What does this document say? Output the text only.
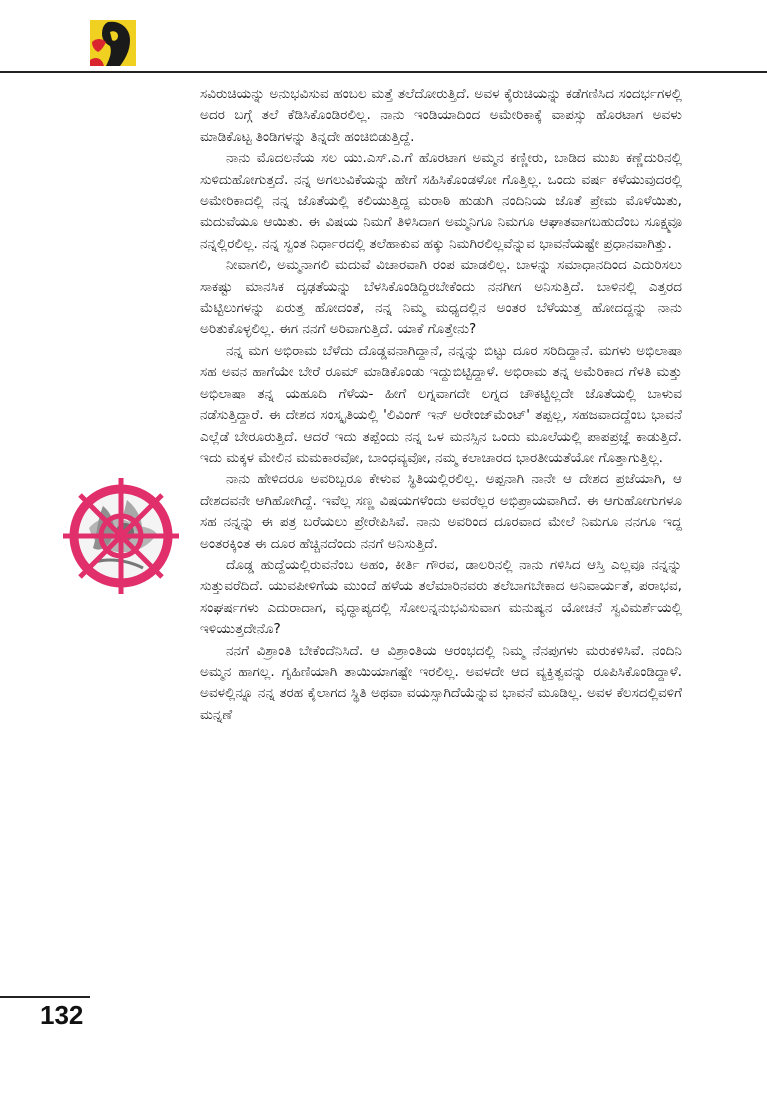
ಸವಿರುಚಿಯನ್ನು ಅನುಭವಿಸುವ ಹಂಬಲ ಮತ್ತೆ ತಲೆದೋರುತ್ತಿದೆ. ಅವಳ ಕೈರುಚಿಯನ್ನು ಕಡೆಗಣಿಸಿದ ಸಂದರ್ಭಗಳಲ್ಲಿ ಅದರ ಬಗ್ಗೆ ತಲೆ ಕೆಡಿಸಿಕೊಂಡಿರಲಿಲ್ಲ. ನಾನು ಇಂಡಿಯಾದಿಂದ ಅಮೇರಿಕಾಕ್ಕೆ ವಾಪಸ್ಸು ಹೊರಟಾಗ ಅವಳು ಮಾಡಿಕೊಟ್ಟ ತಿಂಡಿಗಳನ್ನು ತಿನ್ನದೇ ಹಂಚಿಬಿಡುತ್ತಿದ್ದೆ.

ನಾನು ಮೊದಲನೆಯ ಸಲ ಯು.ಎಸ್.ಎ.ಗೆ ಹೊರಟಾಗ ಅಮ್ಮನ ಕಣ್ಣೀರು, ಬಾಡಿದ ಮುಖ ಕಣ್ಣೆದುರಿನಲ್ಲಿ ಸುಳಿದುಹೋಗುತ್ತದೆ. ನನ್ನ ಅಗಲುವಿಕೆಯನ್ನು ಹೇಗೆ ಸಹಿಸಿಕೊಂಡಳೋ ಗೊತ್ತಿಲ್ಲ. ಒಂದು ವರ್ಷ ಕಳೆಯುವುದರಲ್ಲಿ ಅಮೇರಿಕಾದಲ್ಲಿ ನನ್ನ ಜೊತೆಯಲ್ಲಿ ಕಲಿಯುತ್ತಿದ್ದ ಮರಾಠಿ ಹುಡುಗಿ ನಂದಿನಿಯ ಜೊತೆ ಪ್ರೇಮ ಮೊಳೆಯಿತು, ಮದುವೆಯೂ ಆಯಿತು. ಈ ವಿಷಯ ನಿಮಗೆ ತಿಳಿಸಿದಾಗ ಅಮ್ಮನಿಗೂ ನಿಮಗೂ ಆಘಾತವಾಗಬಹುದೆಂಬ ಸೂಕ್ಷ್ಮವೂ ನನ್ನಲ್ಲಿರಲಿಲ್ಲ. ನನ್ನ ಸ್ವಂತ ನಿರ್ಧಾರದಲ್ಲಿ ತಲೆಹಾಕುವ ಹಕ್ಕು ನಿಮಗಿರಲಿಲ್ಲವೆನ್ನುವ ಭಾವನೆಯಷ್ಟೇ ಪ್ರಧಾನವಾಗಿತ್ತು.

ನೀವಾಗಲಿ, ಅಮ್ಮನಾಗಲಿ ಮದುವೆ ವಿಚಾರವಾಗಿ ರಂಪ ಮಾಡಲಿಲ್ಲ. ಬಾಳನ್ನು ಸಮಾಧಾನದಿಂದ ಎದುರಿಸಲು ಸಾಕಷ್ಟು ಮಾನಸಿಕ ದೃಢತೆಯನ್ನು ಬೆಳಸಿಕೊಂಡಿದ್ದಿರಬೇಕೆಂದು ನನಗೀಗ ಅನಿಸುತ್ತಿದೆ. ಬಾಳಿನಲ್ಲಿ ಎತ್ತರದ ಮೆಟ್ಟಿಲುಗಳನ್ನು ಏರುತ್ತ ಹೋದಂತೆ, ನನ್ನ ನಿಮ್ಮ ಮಧ್ಯದಲ್ಲಿನ ಅಂತರ ಬೆಳೆಯುತ್ತ ಹೋದದ್ದನ್ನು ನಾನು ಅರಿತುಕೊಳ್ಳಲಿಲ್ಲ. ಈಗ ನನಗೆ ಅರಿವಾಗುತ್ತಿದೆ. ಯಾಕೆ ಗೊತ್ತೇನು?

ನನ್ನ ಮಗ ಅಭಿರಾಮ ಬೆಳೆದು ದೊಡ್ಡವನಾಗಿದ್ದಾನೆ, ನನ್ನನ್ನು ಬಿಟ್ಟು ದೂರ ಸರಿದಿದ್ದಾನೆ. ಮಗಳು ಅಭಿಲಾಷಾ ಸಹ ಅವನ ಹಾಗೆಯೇ ಬೇರೆ ರೂಮ್ ಮಾಡಿಕೊಂಡು ಇದ್ದುಬಿಟ್ಟಿದ್ದಾಳೆ. ಅಭಿರಾಮ ತನ್ನ ಅಮೆರಿಕಾದ ಗೆಳತಿ ಮತ್ತು ಅಭಿಲಾಷಾ ತನ್ನ ಯಹೂದಿ ಗೆಳೆಯ- ಹೀಗೆ ಲಗ್ನವಾಗದೇ ಲಗ್ನದ ಚೌಕಟ್ಟಿಲ್ಲದೇ ಜೊತೆಯಲ್ಲಿ ಬಾಳುವ ನಡೆಸುತ್ತಿದ್ದಾರೆ. ಈ ದೇಶದ ಸಂಸ್ಕೃತಿಯಲ್ಲಿ 'ಲಿವಿಂಗ್ ಇನ್ ಅರೇಂಜ್‌ಮೆಂಟ್' ತಪ್ಪಲ್ಲ, ಸಹಜವಾದದ್ದೆಂಬ ಭಾವನೆ ಎಲ್ಲೆಡೆ ಬೇರೂರುತ್ತಿದೆ. ಆದರೆ ಇದು ತಪ್ಪೆಂದು ನನ್ನ ಒಳ ಮನಸ್ಸಿನ ಒಂದು ಮೂಲೆಯಲ್ಲಿ ಪಾಪಪ್ರಜ್ಞೆ ಕಾಡುತ್ತಿದೆ. ಇದು ಮಕ್ಕಳ ಮೇಲಿನ ಮಮಕಾರವೋ, ಬಾಂಧವ್ಯವೋ, ನಮ್ಮ ಕಲಾಚಾರದ ಭಾರತೀಯತೆಯೋ ಗೊತ್ತಾಗುತ್ತಿಲ್ಲ.

ನಾನು ಹೇಳಿದರೂ ಅವರಿಬ್ಬರೂ ಕೇಳುವ ಸ್ಥಿತಿಯಲ್ಲಿರಲಿಲ್ಲ. ಅಪ್ಪನಾಗಿ ನಾನೇ ಆ ದೇಶದ ಪ್ರಜೆಯಾಗಿ, ಆ ದೇಶದವನೇ ಆಗಿಹೋಗಿದ್ದೆ. ಇವೆಲ್ಲ ಸಣ್ಣ ವಿಷಯಗಳೆಂದು ಅವರೆಲ್ಲರ ಅಭಿಪ್ರಾಯವಾಗಿದೆ. ಈ ಆಗುಹೋಗುಗಳೂ ಸಹ ನನ್ನನ್ನು ಈ ಪತ್ರ ಬರೆಯಲು ಪ್ರೇರೇಪಿಸಿವೆ. ನಾನು ಅವರಿಂದ ದೂರವಾದ ಮೇಲೆ ನಿಮಗೂ ನನಗೂ ಇದ್ದ ಅಂತರಕ್ಕಿಂತ ಈ ದೂರ ಹೆಚ್ಚಿನದೆಂದು ನನಗೆ ಅನಿಸುತ್ತಿದೆ.

ದೊಡ್ಡ ಹುದ್ದೆಯಲ್ಲಿರುವನೆಂಬ ಅಹಂ, ಕೀರ್ತಿ ಗೌರವ, ಡಾಲರಿನಲ್ಲಿ ನಾನು ಗಳಿಸಿದ ಆಸ್ತಿ ಎಲ್ಲವೂ ನನ್ನನ್ನು ಸುತ್ತುವರೆದಿದೆ. ಯುವಪೀಳಿಗೆಯ ಮುಂದೆ ಹಳೆಯ ತಲೆಮಾರಿನವರು ತಲೆಬಾಗಬೇಕಾದ ಅನಿವಾರ್ಯತೆ, ಪರಾಭವ, ಸಂಘರ್ಷಗಳು ಎದುರಾದಾಗ, ವೃದ್ಧಾಪ್ಯದಲ್ಲಿ ಸೋಲನ್ನನುಭವಿಸುವಾಗ ಮನುಷ್ಯನ ಯೋಚನೆ ಸ್ವವಿಮರ್ಶೆಯಲ್ಲಿ ಇಳಿಯುತ್ತದೇನೊ?

ನನಗೆ ವಿಶ್ರಾಂತಿ ಬೇಕೆಂದೆನಿಸಿದೆ. ಆ ವಿಶ್ರಾಂತಿಯ ಆರಂಭದಲ್ಲಿ ನಿಮ್ಮ ನೆನಪುಗಳು ಮರುಕಳಿಸಿವೆ. ನಂದಿನಿ ಅಮ್ಮನ ಹಾಗಲ್ಲ. ಗೃಹಿಣಿಯಾಗಿ ತಾಯಿಯಾಗಷ್ಟೇ ಇರಲಿಲ್ಲ. ಅವಳದೇ ಆದ ವ್ಯಕ್ತಿತ್ವವನ್ನು ರೂಪಿಸಿಕೊಂಡಿದ್ದಾಳೆ. ಅವಳಲ್ಲಿನ್ನೂ ನನ್ನ ತರಹ ಕೈಲಾಗದ ಸ್ಥಿತಿ ಅಥವಾ ವಯಸ್ಸಾಗಿದೆಯೆನ್ನುವ ಭಾವನೆ ಮೂಡಿಲ್ಲ. ಅವಳ ಕೆಲಸದಲ್ಲಿವಳಿಗೆ ಮನ್ನಣೆ

132
